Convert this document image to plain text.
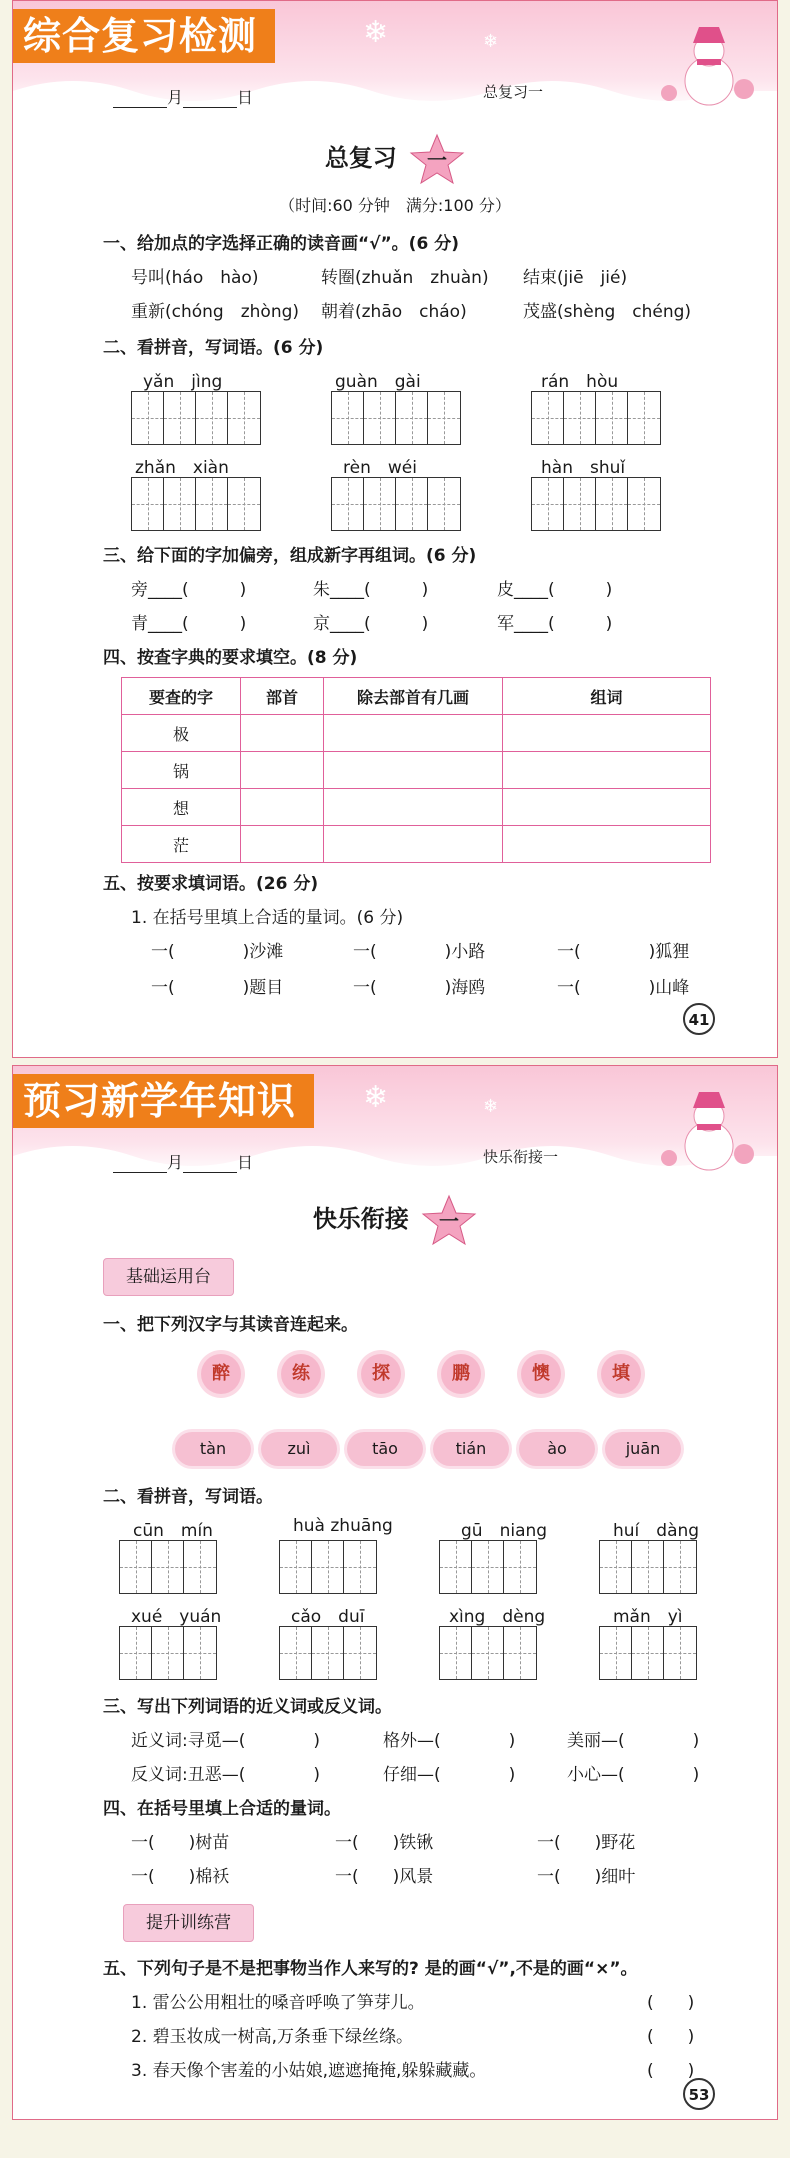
综合复习检测	❄	❄
月	日	总复习一
总复习 一
（时间:60 分钟　满分:100 分）
一、给加点的字选择正确的读音画“√”。(6 分)
号叫(háo　hào)	转圈(zhuǎn　zhuàn) 结束(jiē　jié)
重新(chóng　zhòng) 朝着(zhāo　cháo)	茂盛(shèng　chéng)
二、看拼音，写词语。(6 分)
yǎn　jìng	guàn　gài	rán　hòu
zhǎn　xiàn	rèn　wéi	hàn　shuǐ
三、给下面的字加偏旁，组成新字再组词。(6 分)
旁____(　　　)	朱____(　　　)	皮____(　　　)
青____(　　　)	京____(　　　)	军____(　　　)
四、按查字典的要求填空。(8 分)
要查的字	部首	除去部首有几画	组词
极			
锅			
想			
茫			
五、按要求填词语。(26 分)
1. 在括号里填上合适的量词。(6 分)
一(　　　　)沙滩	一(　　　　)小路	一(　　　　)狐狸
一(　　　　)题目	一(　　　　)海鸥	一(　　　　)山峰
41
预习新学年知识	❄	❄
月	日	快乐衔接一
快乐衔接 一
基础运用台
一、把下列汉字与其读音连起来。
醉	练	探	鹏	懊	填
tàn	zuì	tāo	tián	ào	juān
二、看拼音，写词语。
cūn　mín	huà zhuāng	gū　niang	huí　dàng
xué　yuán	cǎo　duī	xìng　dèng	mǎn　yì
三、写出下列词语的近义词或反义词。
近义词:寻觅—(　　　　)	格外—(　　　　)	美丽—(　　　　)
反义词:丑恶—(　　　　)	仔细—(　　　　)	小心—(　　　　)
四、在括号里填上合适的量词。
一(　　)树苗	一(　　)铁锹	一(　　)野花
一(　　)棉袄	一(　　)风景	一(　　)细叶
提升训练营
五、下列句子是不是把事物当作人来写的? 是的画“√”,不是的画“×”。
1. 雷公公用粗壮的嗓音呼唤了笋芽儿。	(　　)
2. 碧玉妆成一树高,万条垂下绿丝绦。	(　　)
3. 春天像个害羞的小姑娘,遮遮掩掩,躲躲藏藏。	(　　)
53
